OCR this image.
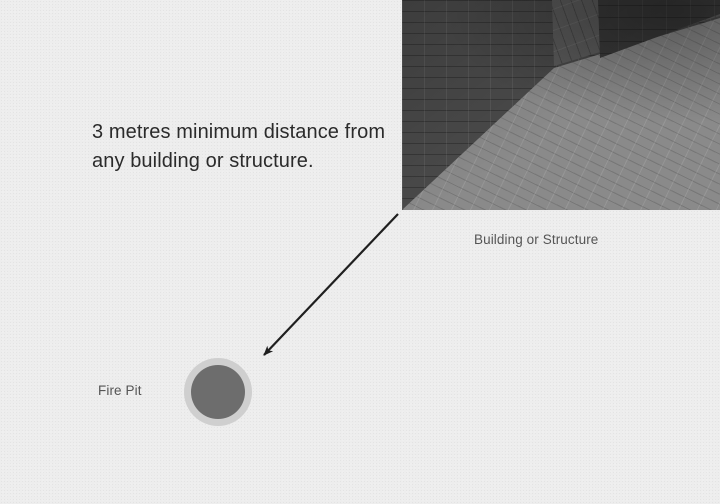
3 metres minimum distance from any building or structure.
Building or Structure
Fire Pit
